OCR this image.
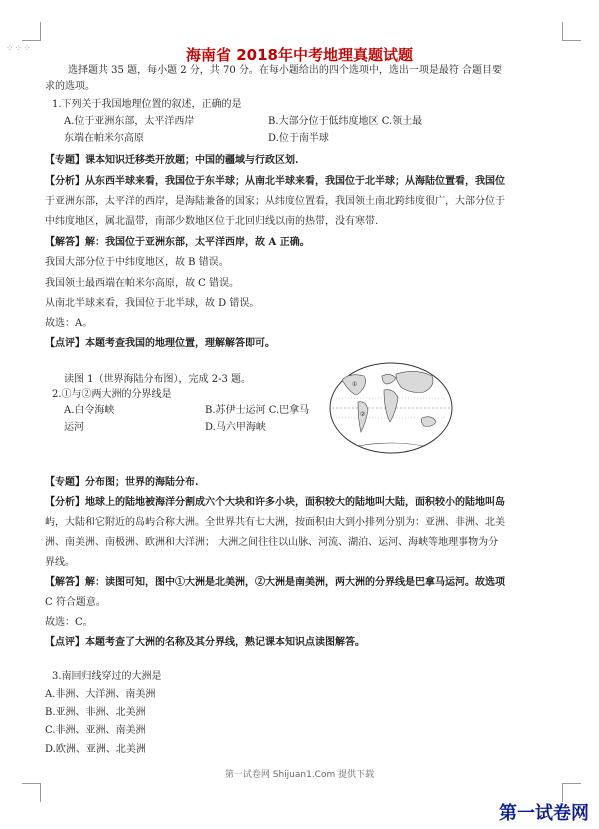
⁘⁘⁘	海南省 2018年中考地理真题试题
选择题共 35 题，每小题 2 分，共 70 分。在每小题给出的四个选项中，选出一项是最符 合题目要
求的选项。
1.下列关于我国地理位置的叙述，正确的是
A.位于亚洲东部，太平洋西岸	B.大部分位于低纬度地区 C.领土最
东端在帕米尔高原	D.位于南半球
【专题】课本知识迁移类开放题；中国的疆域与行政区划.
【分析】从东西半球来看，我国位于东半球；从南北半球来看，我国位于北半球；从海陆位置看，我国位
于亚洲东部，太平洋的西岸，是海陆兼备的国家；从纬度位置看，我国领土南北跨纬度很广，大部分位于
中纬度地区，属北温带，南部少数地区位于北回归线以南的热带，没有寒带.
【解答】解：我国位于亚洲东部，太平洋西岸，故 A 正确。
我国大部分位于中纬度地区，故 B 错误。
我国领土最西端在帕米尔高原，故 C 错误。
从南北半球来看，我国位于北半球，故 D 错误。
故选：A。
【点评】本题考查我国的地理位置，理解解答即可。
读图 1（世界海陆分布图），完成 2-3 题。
2.①与②两大洲的分界线是
A.白令海峡	B.苏伊士运河 C.巴拿马
运河	D.马六甲海峡
【专题】分布图；世界的海陆分布.
【分析】地球上的陆地被海洋分割成六个大块和许多小块，面积较大的陆地叫大陆，面积较小的陆地叫岛
屿，大陆和它附近的岛屿合称大洲。全世界共有七大洲，按面积由大到小排列分别为：亚洲、非洲、北美
洲、南美洲、南极洲、欧洲和大洋洲； 大洲之间往往以山脉、河流、湖泊、运河、海峡等地理事物为分
界线。
【解答】解：读图可知，图中①大洲是北美洲，②大洲是南美洲，两大洲的分界线是巴拿马运河。故选项
C 符合题意。
故选：C。
【点评】本题考查了大洲的名称及其分界线，熟记课本知识点读图解答。
3.南回归线穿过的大洲是
A.非洲、大洋洲、南美洲
B.亚洲、非洲、北美洲
C.非洲、亚洲、南美洲
D.欧洲、亚洲、北美洲
①
②
第一试卷网 Shijuan1.Com 提供下载
第一试卷网
